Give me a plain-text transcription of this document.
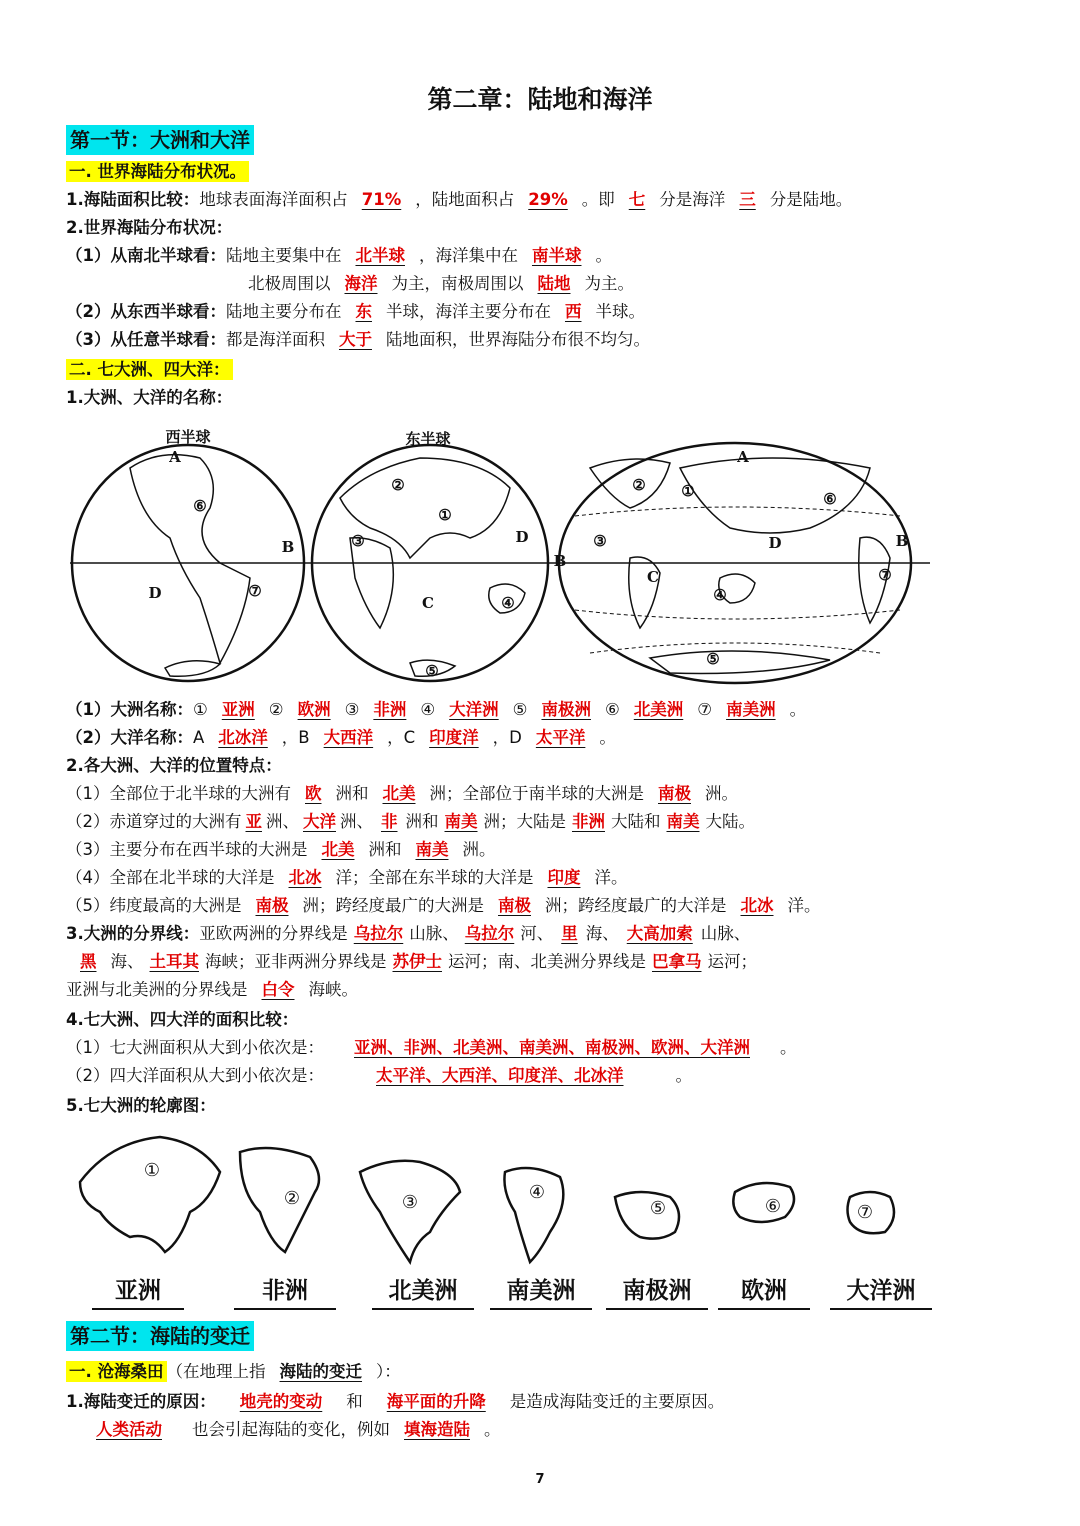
第二章：陆地和海洋
第一节：大洲和大洋
一. 世界海陆分布状况。
1.海陆面积比较：地球表面海洋面积占 71% ，陆地面积占 29% 。即 七 分是海洋 三 分是陆地。
2.世界海陆分布状况：
（1）从南北半球看：陆地主要集中在 北半球 ，海洋集中在 南半球 。
北极周围以 海洋 为主，南极周围以 陆地 为主。
（2）从东西半球看：陆地主要分布在 东 半球，海洋主要分布在 西 半球。
（3）从任意半球看：都是海洋面积 大于 陆地面积，世界海陆分布很不均匀。
二. 七大洲、四大洋：
1.大洲、大洋的名称：
西半球	东半球
A
⑥
B
⑦
D
②
①
③	D
④
C
⑤
A
② ①	⑥
③
B
D	B
C
④
⑦
⑤
（1）大洲名称：① 亚洲 ② 欧洲 ③ 非洲 ④ 大洋洲 ⑤ 南极洲 ⑥ 北美洲 ⑦ 南美洲 。
（2）大洋名称：A 北冰洋 ，B 大西洋 ，C 印度洋 ，D 太平洋 。
2.各大洲、大洋的位置特点：
（1）全部位于北半球的大洲有 欧 洲和 北美 洲；全部位于南半球的大洲是 南极 洲。
（2）赤道穿过的大洲有 亚 洲、 大洋 洲、 非 洲和 南美 洲；大陆是 非洲 大陆和 南美 大陆。
（3）主要分布在西半球的大洲是 北美 洲和 南美 洲。
（4）全部在北半球的大洋是 北冰 洋；全部在东半球的大洋是 印度 洋。
（5）纬度最高的大洲是 南极 洲；跨经度最广的大洲是 南极 洲；跨经度最广的大洋是 北冰 洋。
3.大洲的分界线：亚欧两洲的分界线是 乌拉尔 山脉、 乌拉尔 河、 里 海、 大高加索 山脉、
黑 海、 土耳其 海峡；亚非两洲分界线是 苏伊士 运河；南、北美洲分界线是 巴拿马 运河；
亚洲与北美洲的分界线是 白令 海峡。
4.七大洲、四大洋的面积比较：
（1）七大洲面积从大到小依次是： 亚洲、非洲、北美洲、南美洲、南极洲、欧洲、大洋洲 。
（2）四大洋面积从大到小依次是：	太平洋、大西洋、印度洋、北冰洋	。
5.七大洲的轮廓图：
①
②	③	④
⑤	⑥	⑦
亚洲	非洲	北美洲	南美洲	南极洲	欧洲	大洋洲
第二节：海陆的变迁
一. 沧海桑田 （在地理上指 海陆的变迁 ）：
1.海陆变迁的原因： 地壳的变动 和 海平面的升降 是造成海陆变迁的主要原因。
人类活动 也会引起海陆的变化，例如 填海造陆 。
7
